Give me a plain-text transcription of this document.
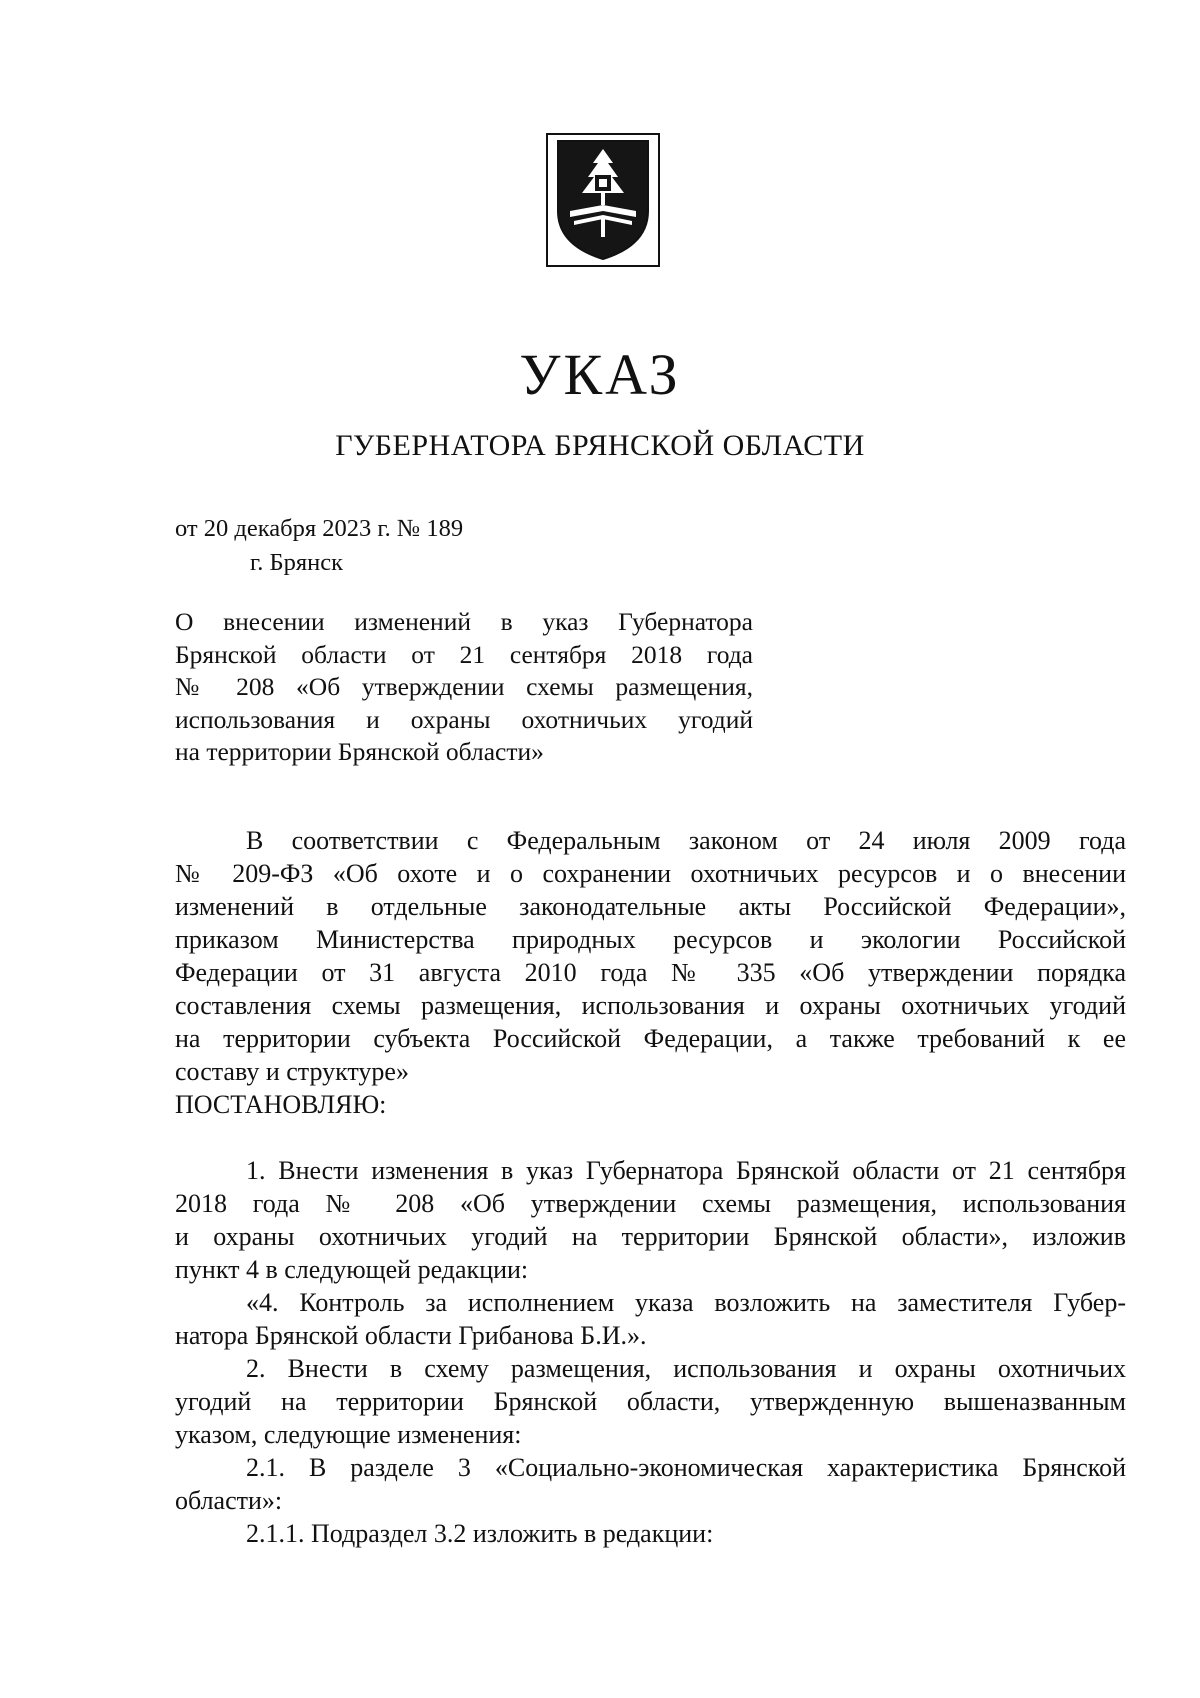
УКАЗ
ГУБЕРНАТОРА БРЯНСКОЙ ОБЛАСТИ
от 20 декабря 2023 г. № 189
г. Брянск
О внесении изменений в указ Губернатора
Брянской области от 21 сентября 2018 года
№ 208 «Об утверждении схемы размещения,
использования и охраны охотничьих угодий
на территории Брянской области»
В соответствии с Федеральным законом от 24 июля 2009 года
№ 209-ФЗ «Об охоте и о сохранении охотничьих ресурсов и о внесении
изменений в отдельные законодательные акты Российской Федерации»,
приказом Министерства природных ресурсов и экологии Российской
Федерации от 31 августа 2010 года № 335 «Об утверждении порядка
составления схемы размещения, использования и охраны охотничьих угодий
на территории субъекта Российской Федерации, а также требований к ее
составу и структуре»
ПОСТАНОВЛЯЮ:
1. Внести изменения в указ Губернатора Брянской области от 21 сентября
2018 года № 208 «Об утверждении схемы размещения, использования
и охраны охотничьих угодий на территории Брянской области», изложив
пункт 4 в следующей редакции:
«4. Контроль за исполнением указа возложить на заместителя Губер-
натора Брянской области Грибанова Б.И.».
2. Внести в схему размещения, использования и охраны охотничьих
угодий на территории Брянской области, утвержденную вышеназванным
указом, следующие изменения:
2.1. В разделе 3 «Социально-экономическая характеристика Брянской
области»:
2.1.1. Подраздел 3.2 изложить в редакции:
